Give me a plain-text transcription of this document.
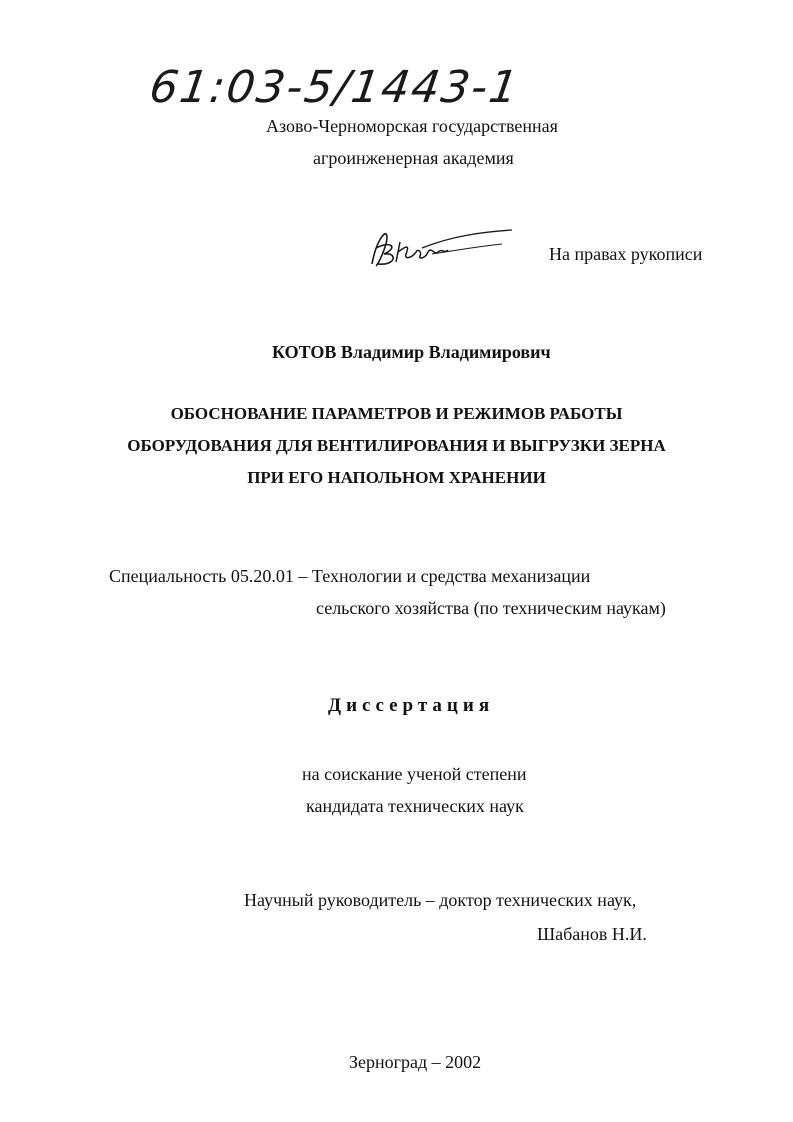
61:03-5/1443-1
Азово-Черноморская государственная
агроинженерная академия
На правах рукописи
КОТОВ Владимир Владимирович
ОБОСНОВАНИЕ ПАРАМЕТРОВ И РЕЖИМОВ РАБОТЫ
ОБОРУДОВАНИЯ ДЛЯ ВЕНТИЛИРОВАНИЯ И ВЫГРУЗКИ ЗЕРНА
ПРИ ЕГО НАПОЛЬНОМ ХРАНЕНИИ
Специальность 05.20.01 – Технологии и средства механизации
сельского хозяйства (по техническим наукам)
Диссертация
на соискание ученой степени
кандидата технических наук
Научный руководитель – доктор технических наук,
Шабанов Н.И.
Зерноград – 2002
